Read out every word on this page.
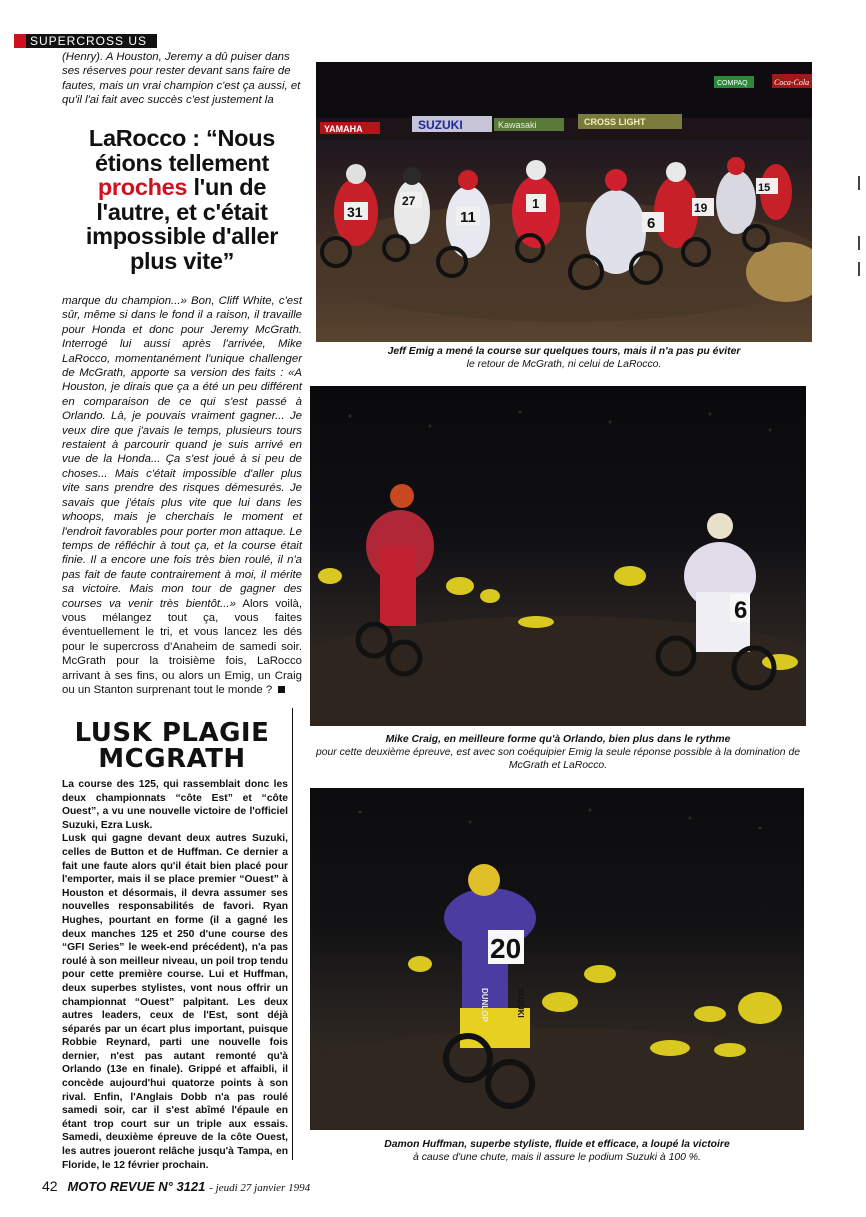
SUPERCROSS US
(Henry). A Houston, Jeremy a dû puiser dans ses réserves pour rester devant sans faire de fautes, mais un vrai champion c'est ça aussi, et qu'il l'ai fait avec succès c'est justement la
LaRocco : “Nous étions tellement proches l'un de l'autre, et c'était impossible d'aller plus vite”

marque du champion...» Bon, Cliff White, c'est sûr, même si dans le fond il a raison, il travaille pour Honda et donc pour Jeremy McGrath. Interrogé lui aussi après l'arrivée, Mike LaRocco, momentanément l'unique challenger de McGrath, apporte sa version des faits : «A Houston, je dirais que ça a été un peu différent en comparaison de ce qui s'est passé à Orlando. Là, je pouvais vraiment gagner... Je veux dire que j'avais le temps, plusieurs tours restaient à parcourir quand je suis arrivé en vue de la Honda... Ça s'est joué à si peu de choses... Mais c'était impossible d'aller plus vite sans prendre des risques démesurés. Je savais que j'étais plus vite que lui dans les whoops, mais je cherchais le moment et l'endroit favorables pour porter mon attaque. Le temps de réfléchir à tout ça, et la course était finie. Il a encore une fois très bien roulé, il n'a pas fait de faute contrairement à moi, il mérite sa victoire. Mais mon tour de gagner des courses va venir très bientôt...» Alors voilà, vous mélangez tout ça, vous faites éventuellement le tri, et vous lancez les dés pour le supercross d'Anaheim de samedi soir. McGrath pour la troisième fois, LaRocco arrivant à ses fins, ou alors un Emig, un Craig ou un Stanton surprenant tout le monde ?

LUSK PLAGIE MCGRATH

La course des 125, qui rassemblait donc les deux championnats “côte Est” et “côte Ouest”, a vu une nouvelle victoire de l'officiel Suzuki, Ezra Lusk.

Lusk qui gagne devant deux autres Suzuki, celles de Button et de Huffman. Ce dernier a fait une faute alors qu'il était bien placé pour l'emporter, mais il se place premier “Ouest” à Houston et désormais, il devra assumer ses nouvelles responsabilités de favori. Ryan Hughes, pourtant en forme (il a gagné les deux manches 125 et 250 d'une course des “GFI Series” le week-end précédent), n'a pas roulé à son meilleur niveau, un poil trop tendu pour cette première course. Lui et Huffman, deux superbes stylistes, vont nous offrir un championnat “Ouest” palpitant. Les deux autres leaders, ceux de l'Est, sont déjà séparés par un écart plus important, puisque Robbie Reynard, parti une nouvelle fois dernier, n'est pas autant remonté qu'à Orlando (13e en finale). Grippé et affaibli, il concède aujourd'hui quatorze points à son rival. Enfin, l'Anglais Dobb n'a pas roulé samedi soir, car il s'est abîmé l'épaule en étant trop court sur un triple aux essais. Samedi, deuxième épreuve de la côte Ouest, les autres joueront relâche jusqu'à Tampa, en Floride, le 12 février prochain.

YAMAHA	SUZUKI	Kawasaki	CROSS LIGHT
COMPAQ	Coca-Cola
31
27
11
1
6
19
15
Jeff Emig a mené la course sur quelques tours, mais il n'a pas pu éviter
le retour de McGrath, ni celui de LaRocco.
6
Mike Craig, en meilleure forme qu'à Orlando, bien plus dans le rythme
pour cette deuxième épreuve, est avec son coéquipier Emig la seule réponse possible à la domination de McGrath et LaRocco.
20
DUNLOP	SUZUKI
Damon Huffman, superbe styliste, fluide et efficace, a loupé la victoire
à cause d'une chute, mais il assure le podium Suzuki à 100 %.
42 MOTO REVUE N° 3121 - jeudi 27 janvier 1994
